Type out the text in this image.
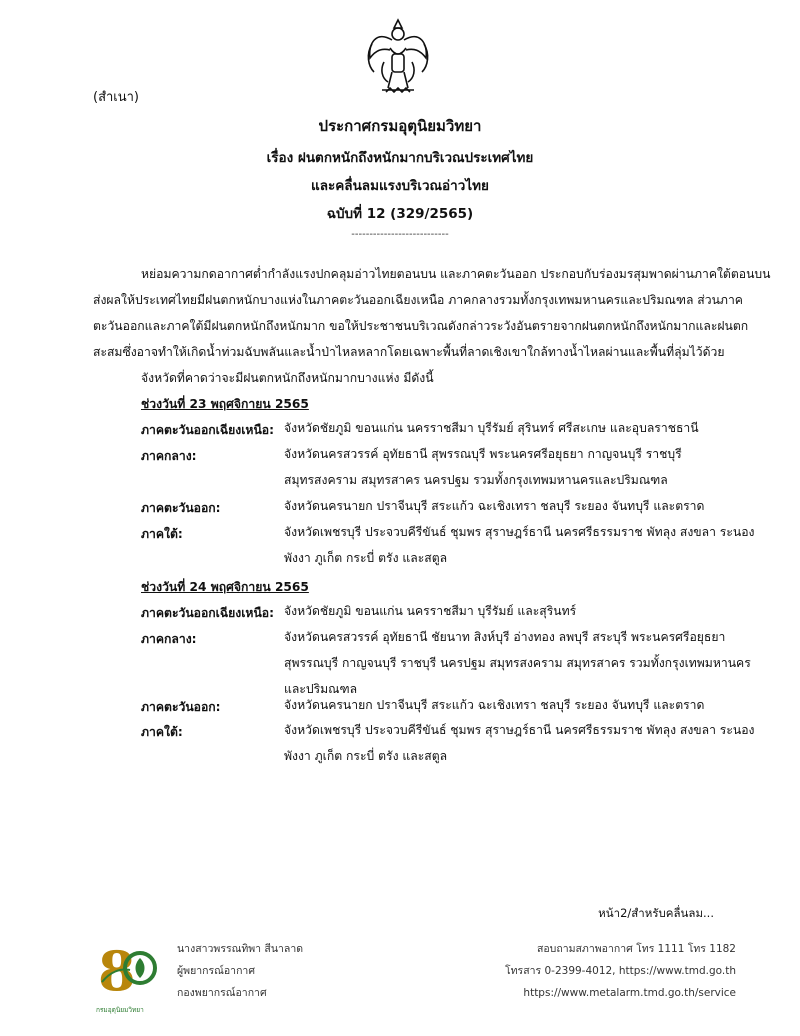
(สำเนา)
ประกาศกรมอุตุนิยมวิทยา
เรื่อง ฝนตกหนักถึงหนักมากบริเวณประเทศไทย
และคลื่นลมแรงบริเวณอ่าวไทย
ฉบับที่ 12 (329/2565)
---------------------------
หย่อมความกดอากาศต่ำกำลังแรงปกคลุมอ่าวไทยตอนบน และภาคตะวันออก ประกอบกับร่องมรสุมพาดผ่านภาคใต้ตอนบน
ส่งผลให้ประเทศไทยมีฝนตกหนักบางแห่งในภาคตะวันออกเฉียงเหนือ ภาคกลางรวมทั้งกรุงเทพมหานครและปริมณฑล ส่วนภาค
ตะวันออกและภาคใต้มีฝนตกหนักถึงหนักมาก ขอให้ประชาชนบริเวณดังกล่าวระวังอันตรายจากฝนตกหนักถึงหนักมากและฝนตก
สะสมซึ่งอาจทำให้เกิดน้ำท่วมฉับพลันและน้ำป่าไหลหลากโดยเฉพาะพื้นที่ลาดเชิงเขาใกล้ทางน้ำไหลผ่านและพื้นที่ลุ่มไว้ด้วย
จังหวัดที่คาดว่าจะมีฝนตกหนักถึงหนักมากบางแห่ง มีดังนี้
ช่วงวันที่ 23 พฤศจิกายน 2565
ภาคตะวันออกเฉียงเหนือ: จังหวัดชัยภูมิ ขอนแก่น นครราชสีมา บุรีรัมย์ สุรินทร์ ศรีสะเกษ และอุบลราชธานี
ภาคกลาง:	จังหวัดนครสวรรค์ อุทัยธานี สุพรรณบุรี พระนครศรีอยุธยา กาญจนบุรี ราชบุรี
สมุทรสงคราม สมุทรสาคร นครปฐม รวมทั้งกรุงเทพมหานครและปริมณฑล
ภาคตะวันออก:	จังหวัดนครนายก ปราจีนบุรี สระแก้ว ฉะเชิงเทรา ชลบุรี ระยอง จันทบุรี และตราด
ภาคใต้:	จังหวัดเพชรบุรี ประจวบคีรีขันธ์ ชุมพร สุราษฎร์ธานี นครศรีธรรมราช พัทลุง สงขลา ระนอง
พังงา ภูเก็ต กระบี่ ตรัง และสตูล
ช่วงวันที่ 24 พฤศจิกายน 2565
ภาคตะวันออกเฉียงเหนือ: จังหวัดชัยภูมิ ขอนแก่น นครราชสีมา บุรีรัมย์ และสุรินทร์
ภาคกลาง:	จังหวัดนครสวรรค์ อุทัยธานี ชัยนาท สิงห์บุรี อ่างทอง ลพบุรี สระบุรี พระนครศรีอยุธยา
สุพรรณบุรี กาญจนบุรี ราชบุรี นครปฐม สมุทรสงคราม สมุทรสาคร รวมทั้งกรุงเทพมหานคร
และปริมณฑล
ภาคตะวันออก:	จังหวัดนครนายก ปราจีนบุรี สระแก้ว ฉะเชิงเทรา ชลบุรี ระยอง จันทบุรี และตราด
ภาคใต้:	จังหวัดเพชรบุรี ประจวบคีรีขันธ์ ชุมพร สุราษฎร์ธานี นครศรีธรรมราช พัทลุง สงขลา ระนอง
พังงา ภูเก็ต กระบี่ ตรัง และสตูล
หน้า2/สำหรับคลื่นลม...
8
กรมอุตุนิยมวิทยา
นางสาวพรรณทิพา สีนาลาด
ผู้พยากรณ์อากาศ
กองพยากรณ์อากาศ
สอบถามสภาพอากาศ โทร 1111 โทร 1182
โทรสาร 0-2399-4012, https://www.tmd.go.th
https://www.metalarm.tmd.go.th/service
